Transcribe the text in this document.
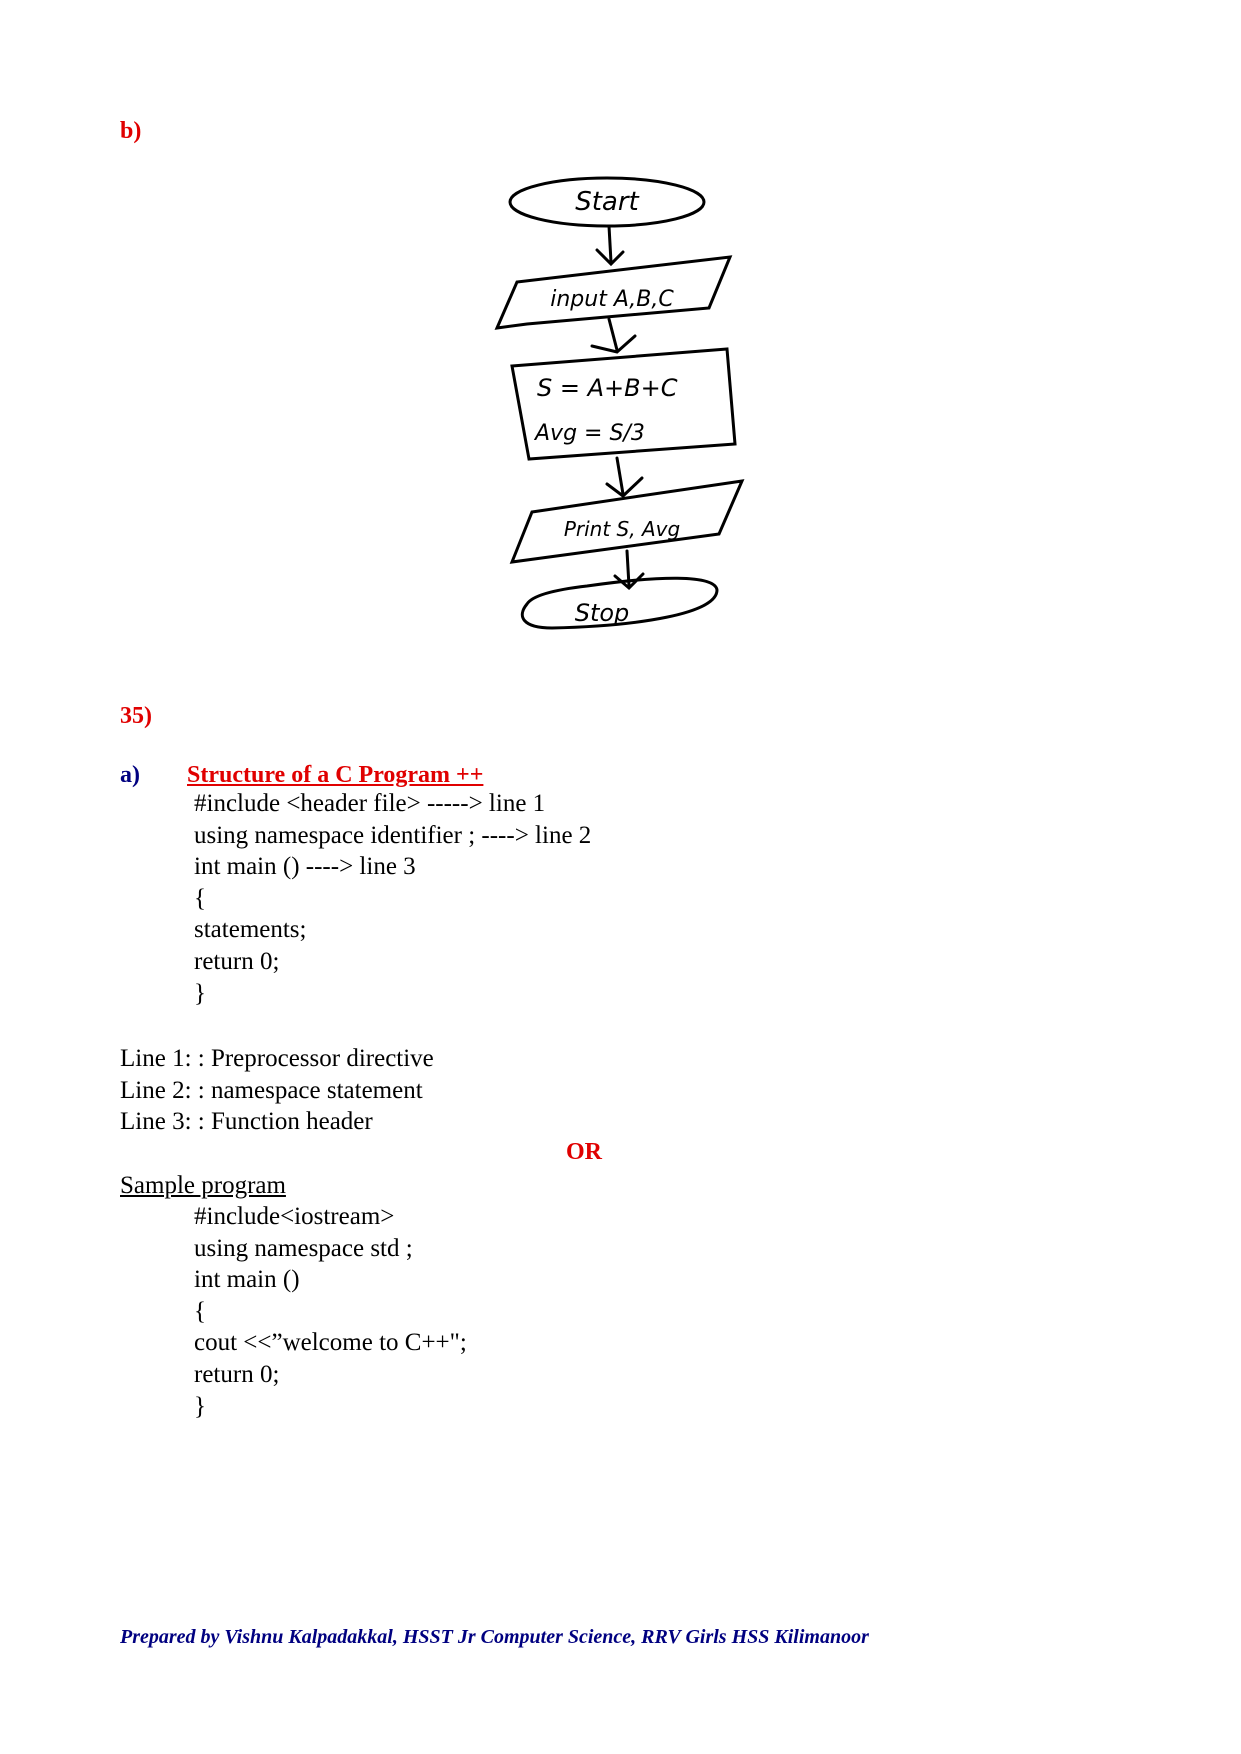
b)
Start
input A,B,C
S = A+B+C
Avg = S/3
Print S, Avg
Stop
35)
a) Structure of a C Program ++
#include <header file> -----> line 1
using namespace identifier ; ----> line 2
int main () ----> line 3
{
statements;
return 0;
}
Line 1: : Preprocessor directive
Line 2: : namespace statement
Line 3: : Function header
OR
Sample program
#include<iostream>
using namespace std ;
int main ()
{
cout <<”welcome to C++";
return 0;
}
Prepared by Vishnu Kalpadakkal, HSST Jr Computer Science, RRV Girls HSS Kilimanoor
